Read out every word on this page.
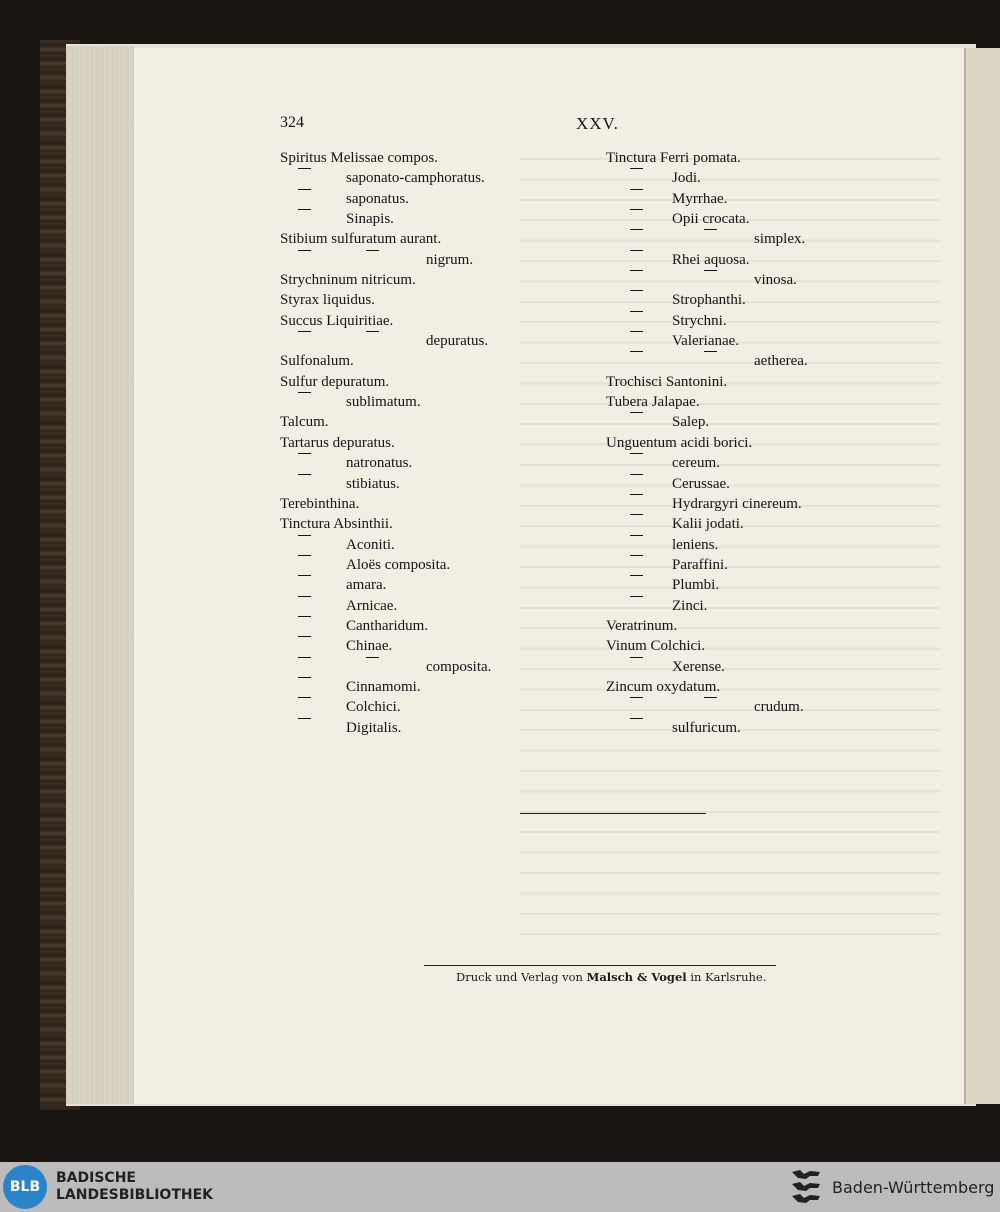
324	XXV.
Spiritus Melissae compos.
saponato-camphoratus.
saponatus.
Sinapis.
Stibium sulfuratum aurant.
nigrum.
Strychninum nitricum.
Styrax liquidus.
Succus Liquiritiae.
depuratus.
Sulfonalum.
Sulfur depuratum.
sublimatum.
Talcum.
Tartarus depuratus.
natronatus.
stibiatus.
Terebinthina.
Tinctura Absinthii.
Aconiti.
Aloës composita.
amara.
Arnicae.
Cantharidum.
Chinae.
composita.
Cinnamomi.
Colchici.
Digitalis.
Tinctura Ferri pomata.
Jodi.
Myrrhae.
Opii crocata.
simplex.
Rhei aquosa.
vinosa.
Strophanthi.
Strychni.
Valerianae.
aetherea.
Trochisci Santonini.
Tubera Jalapae.
Salep.
Unguentum acidi borici.
cereum.
Cerussae.
Hydrargyri cinereum.
Kalii jodati.
leniens.
Paraffini.
Plumbi.
Zinci.
Veratrinum.
Vinum Colchici.
Xerense.
Zincum oxydatum.
crudum.
sulfuricum.
Druck und Verlag von Malsch & Vogel in Karlsruhe.
BLB
BADISCHE
LANDESBIBLIOTHEK	Baden-Württemberg
